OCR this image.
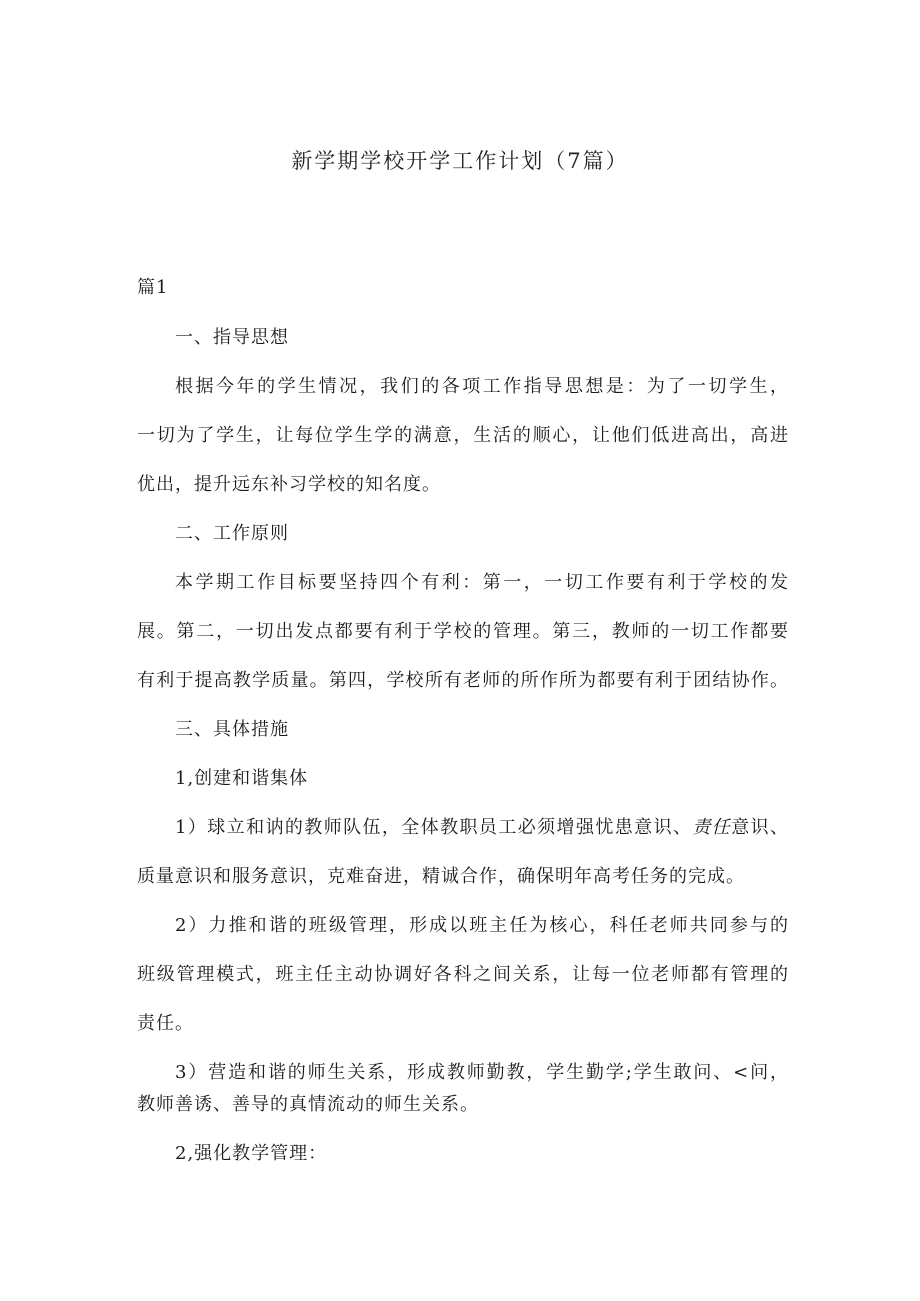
新学期学校开学工作计划（7篇）
篇1
一、指导思想
根据今年的学生情况，我们的各项工作指导思想是：为了一切学生，
一切为了学生，让每位学生学的满意，生活的顺心，让他们低进高出，高进
优出，提升远东补习学校的知名度。
二、工作原则
本学期工作目标要坚持四个有利：第一，一切工作要有利于学校的发
展。第二，一切出发点都要有利于学校的管理。第三，教师的一切工作都要
有利于提高教学质量。第四，学校所有老师的所作所为都要有利于团结协作。
三、具体措施
1,创建和谐集体
1）球立和讷的教师队伍，全体教职员工必须增强忧患意识、责任意识、
质量意识和服务意识，克难奋进，精诚合作，确保明年高考任务的完成。
2）力推和谐的班级管理，形成以班主任为核心，科任老师共同参与的
班级管理模式，班主任主动协调好各科之间关系，让每一位老师都有管理的
责任。
3）营造和谐的师生关系，形成教师勤教，学生勤学;学生敢问、<问，
教师善诱、善导的真情流动的师生关系。
2,强化教学管理：
